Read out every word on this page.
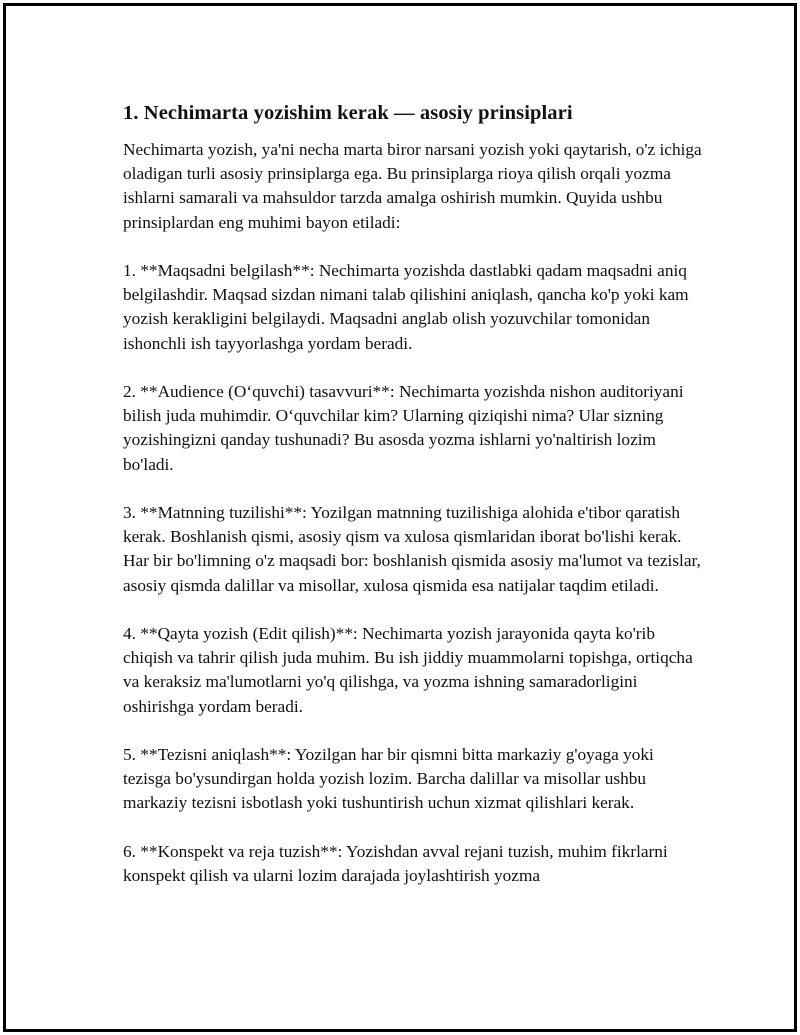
1. Nechimarta yozishim kerak — asosiy prinsiplari

Nechimarta yozish, ya'ni necha marta biror narsani yozish yoki qaytarish, o'z ichiga oladigan turli asosiy prinsiplarga ega. Bu prinsiplarga rioya qilish orqali yozma ishlarni samarali va mahsuldor tarzda amalga oshirish mumkin. Quyida ushbu prinsiplardan eng muhimi bayon etiladi:

1. **Maqsadni belgilash**: Nechimarta yozishda dastlabki qadam maqsadni aniq belgilashdir. Maqsad sizdan nimani talab qilishini aniqlash, qancha ko'p yoki kam yozish kerakligini belgilaydi. Maqsadni anglab olish yozuvchilar tomonidan ishonchli ish tayyorlashga yordam beradi.

2. **Audience (O‘quvchi) tasavvuri**: Nechimarta yozishda nishon auditoriyani bilish juda muhimdir. O‘quvchilar kim? Ularning qiziqishi nima? Ular sizning yozishingizni qanday tushunadi? Bu asosda yozma ishlarni yo'naltirish lozim bo'ladi.

3. **Matnning tuzilishi**: Yozilgan matnning tuzilishiga alohida e'tibor qaratish kerak. Boshlanish qismi, asosiy qism va xulosa qismlaridan iborat bo'lishi kerak. Har bir bo'limning o'z maqsadi bor: boshlanish qismida asosiy ma'lumot va tezislar, asosiy qismda dalillar va misollar, xulosa qismida esa natijalar taqdim etiladi.

4. **Qayta yozish (Edit qilish)**: Nechimarta yozish jarayonida qayta ko'rib chiqish va tahrir qilish juda muhim. Bu ish jiddiy muammolarni topishga, ortiqcha va keraksiz ma'lumotlarni yo'q qilishga, va yozma ishning samaradorligini oshirishga yordam beradi.

5. **Tezisni aniqlash**: Yozilgan har bir qismni bitta markaziy g'oyaga yoki tezisga bo'ysundirgan holda yozish lozim. Barcha dalillar va misollar ushbu markaziy tezisni isbotlash yoki tushuntirish uchun xizmat qilishlari kerak.

6. **Konspekt va reja tuzish**: Yozishdan avval rejani tuzish, muhim fikrlarni konspekt qilish va ularni lozim darajada joylashtirish yozma
